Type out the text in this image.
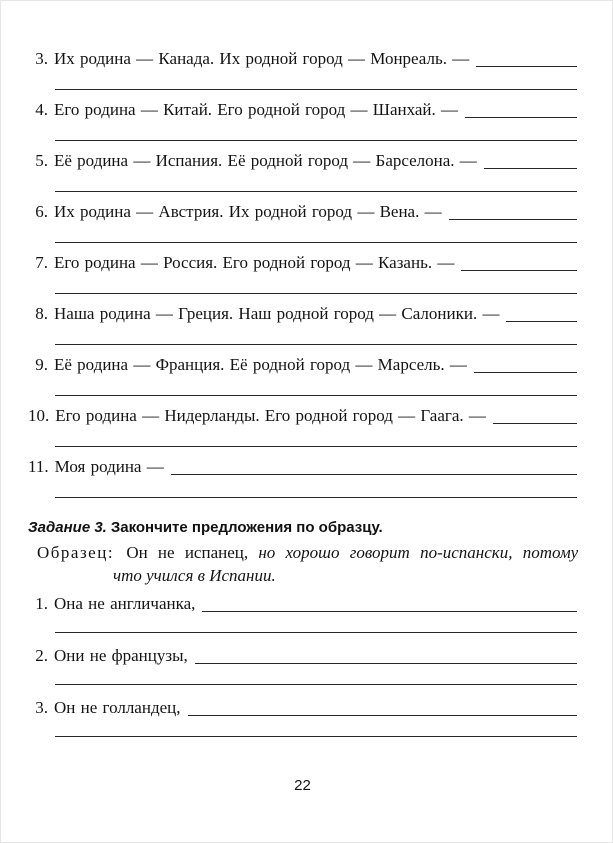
3. Их родина — Канада. Их родной город — Монреаль. —
4. Его родина — Китай. Его родной город — Шанхай. —
5. Её родина — Испания. Её родной город — Барселона. —
6. Их родина — Австрия. Их родной город — Вена. —
7. Его родина — Россия. Его родной город — Казань. —
8. Наша родина — Греция. Наш родной город — Салоники. —
9. Её родина — Франция. Её родной город — Марсель. —
10. Его родина — Нидерланды. Его родной город — Гаага. —
11. Моя родина —
Задание 3. Закончите предложения по образцу.

Образец: Он не испанец, но хорошо говорит по-испански, потому
что учился в Испании.

1. Она не англичанка,
2. Они не французы,
3. Он не голландец,
22
